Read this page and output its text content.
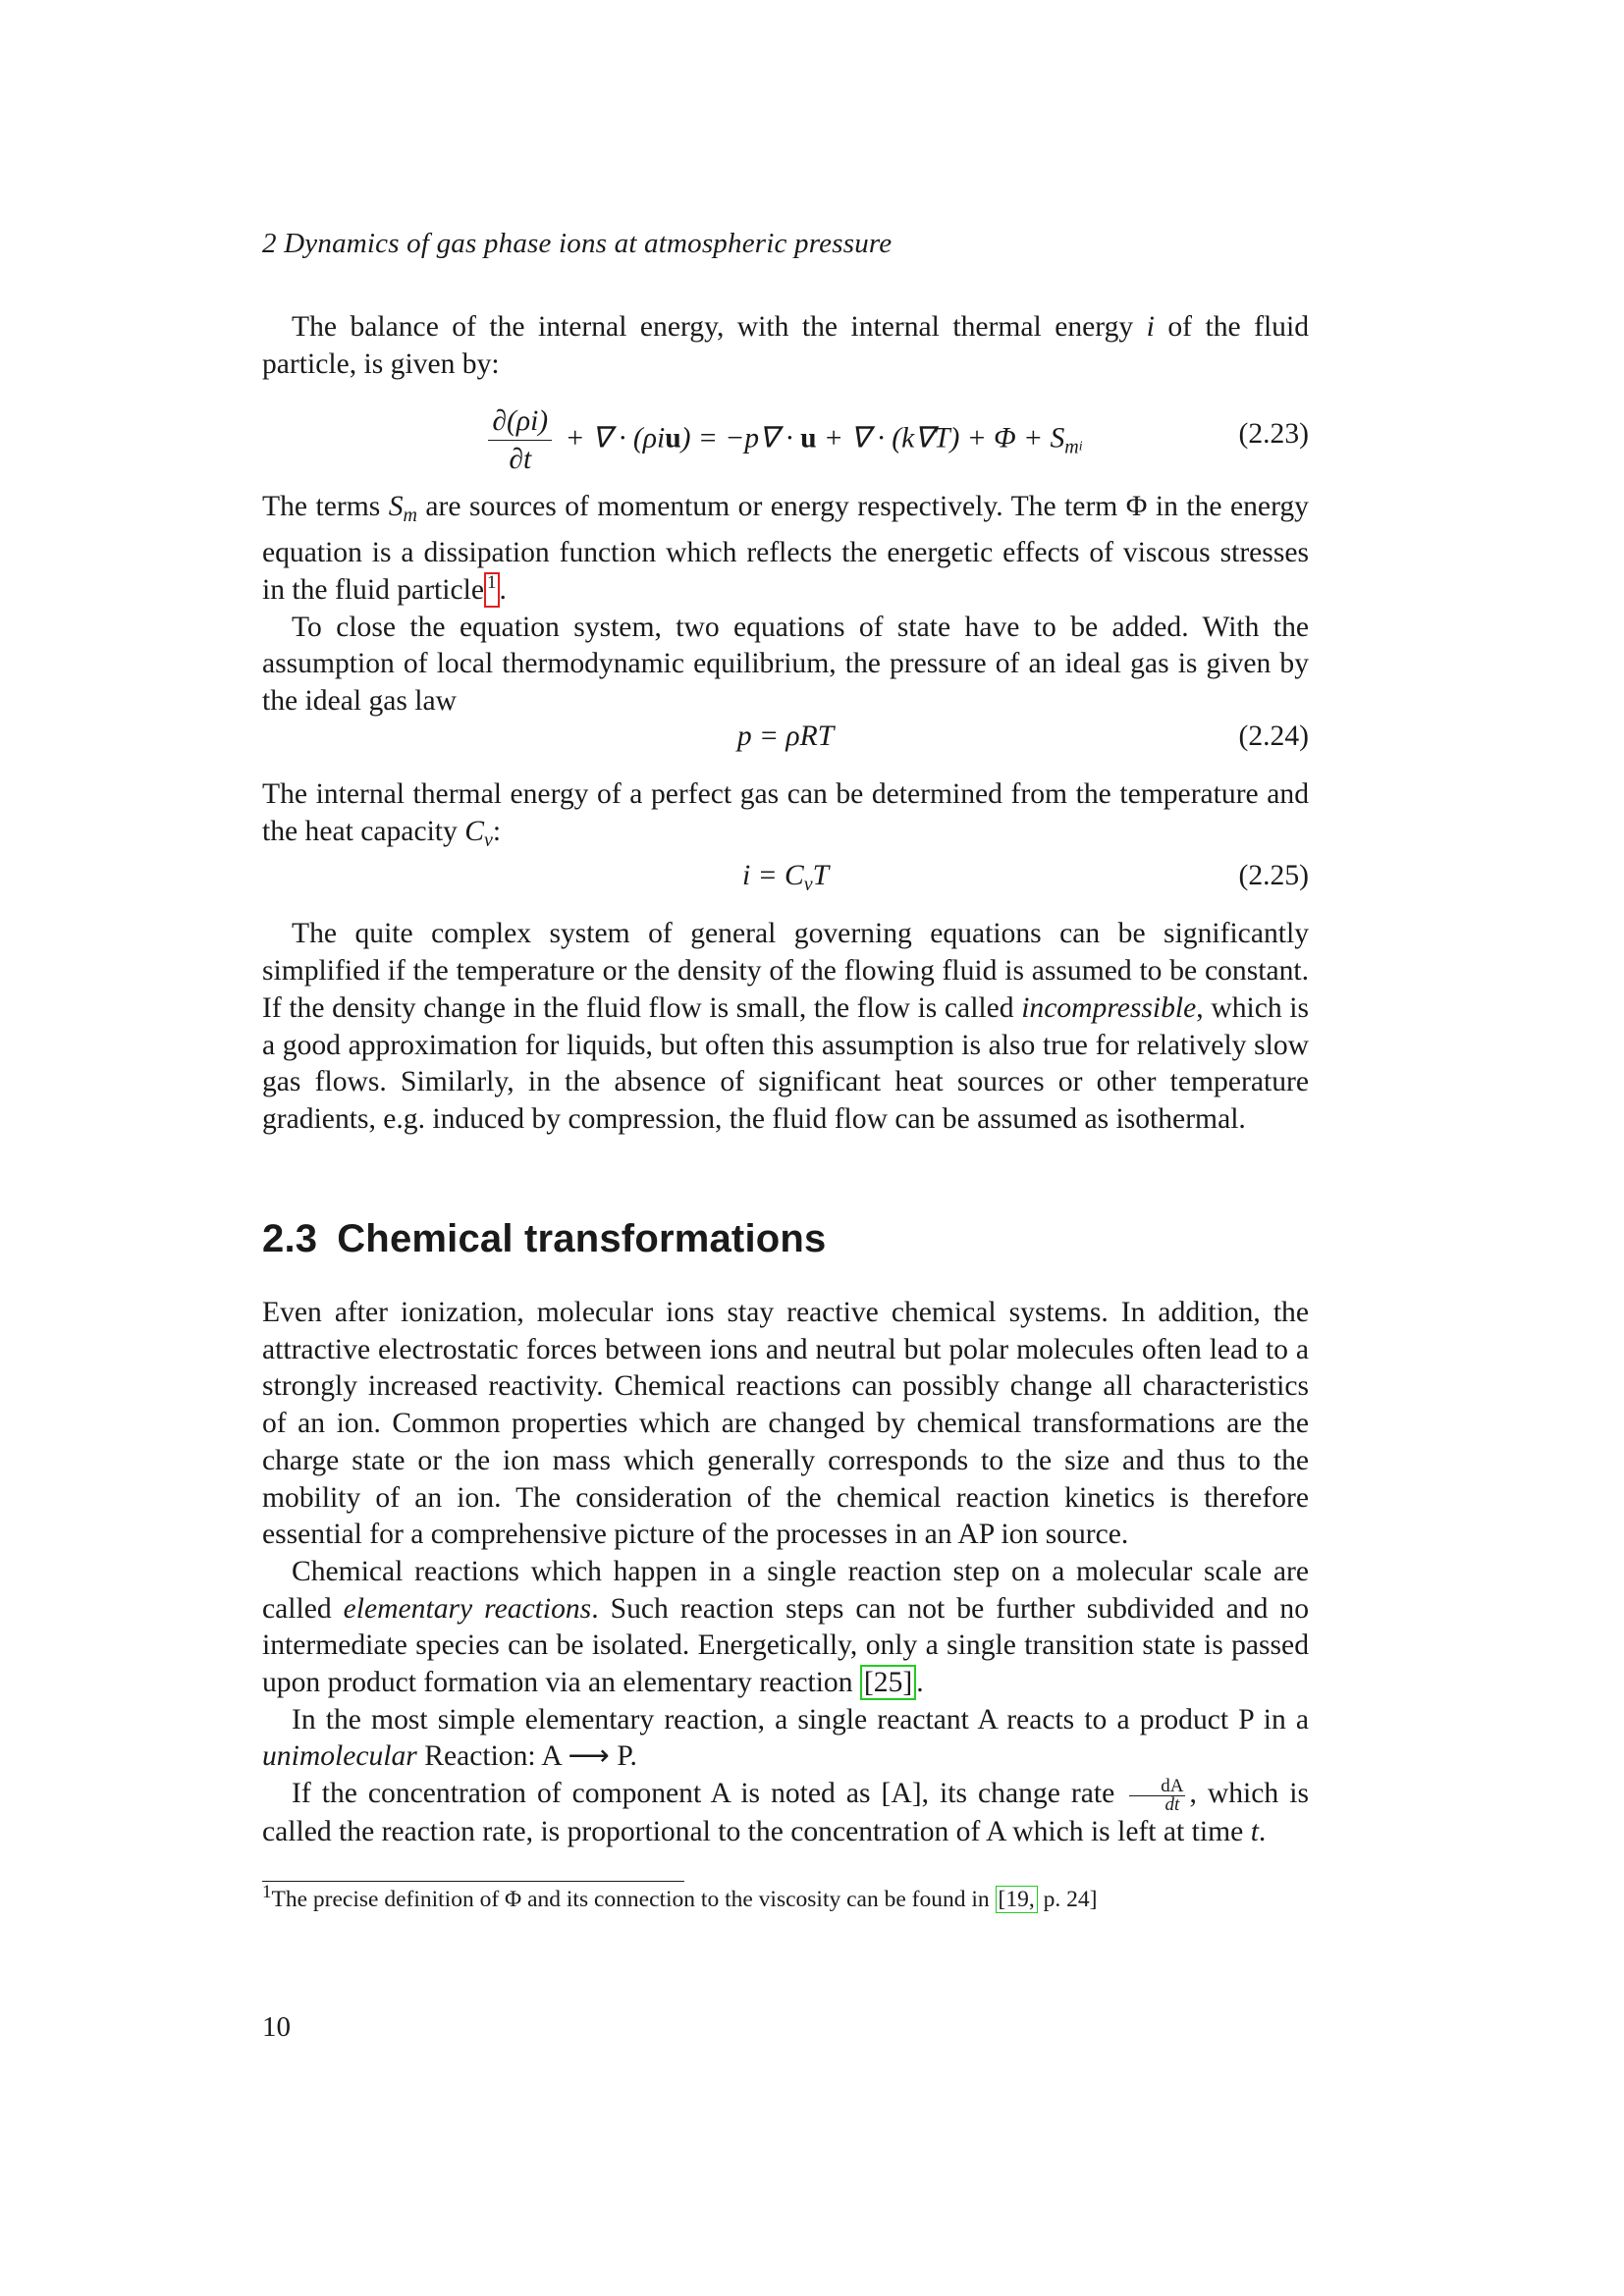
2 Dynamics of gas phase ions at atmospheric pressure

The balance of the internal energy, with the internal thermal energy i of the fluid particle, is given by:

$\frac{\partial(\rho i)}{\partial t}$ + ∇ · (ρiu) = −p∇ · u + ∇ · $(k\nabla T) + \Phi + S_mi$	(2.23)

The terms $S_m$ are sources of momentum or energy respectively. The term Φ in the energy equation is a dissipation function which reflects the energetic effects of viscous stresses in the fluid particle $^1$ .

To close the equation system, two equations of state have to be added. With the assumption of local thermodynamic equilibrium, the pressure of an ideal gas is given by the ideal gas law

p = ρRT	(2.24)

The internal thermal energy of a perfect gas can be determined from the temperature and the heat capacity $C_v$:

$i = C_vT$	(2.25)

The quite complex system of general governing equations can be significantly simplified if the temperature or the density of the flowing fluid is assumed to be constant. If the density change in the fluid flow is small, the flow is called incompressible, which is a good approximation for liquids, but often this assumption is also true for relatively slow gas flows. Similarly, in the absence of significant heat sources or other temperature gradients, e.g. induced by compression, the fluid flow can be assumed as isothermal.

2.3 Chemical transformations

Even after ionization, molecular ions stay reactive chemical systems. In addition, the attractive electrostatic forces between ions and neutral but polar molecules often lead to a strongly increased reactivity. Chemical reactions can possibly change all characteristics of an ion. Common properties which are changed by chemical transformations are the charge state or the ion mass which generally corresponds to the size and thus to the mobility of an ion. The consideration of the chemical reaction kinetics is therefore essential for a comprehensive picture of the processes in an AP ion source.

Chemical reactions which happen in a single reaction step on a molecular scale are called elementary reactions. Such reaction steps can not be further subdivided and no intermediate species can be isolated. Energetically, only a single transition state is passed upon product formation via an elementary reaction [25] .

In the most simple elementary reaction, a single reactant A reacts to a product P in a unimolecular Reaction: A ⟶ P.

If the concentration of component A is noted as [A], its change rate $\frac{dA}{dt}$ , which is called the reaction rate, is proportional to the concentration of A which is left at time t.

$^1$The precise definition of Φ and its connection to the viscosity can be found in [19, p. 24]
10
